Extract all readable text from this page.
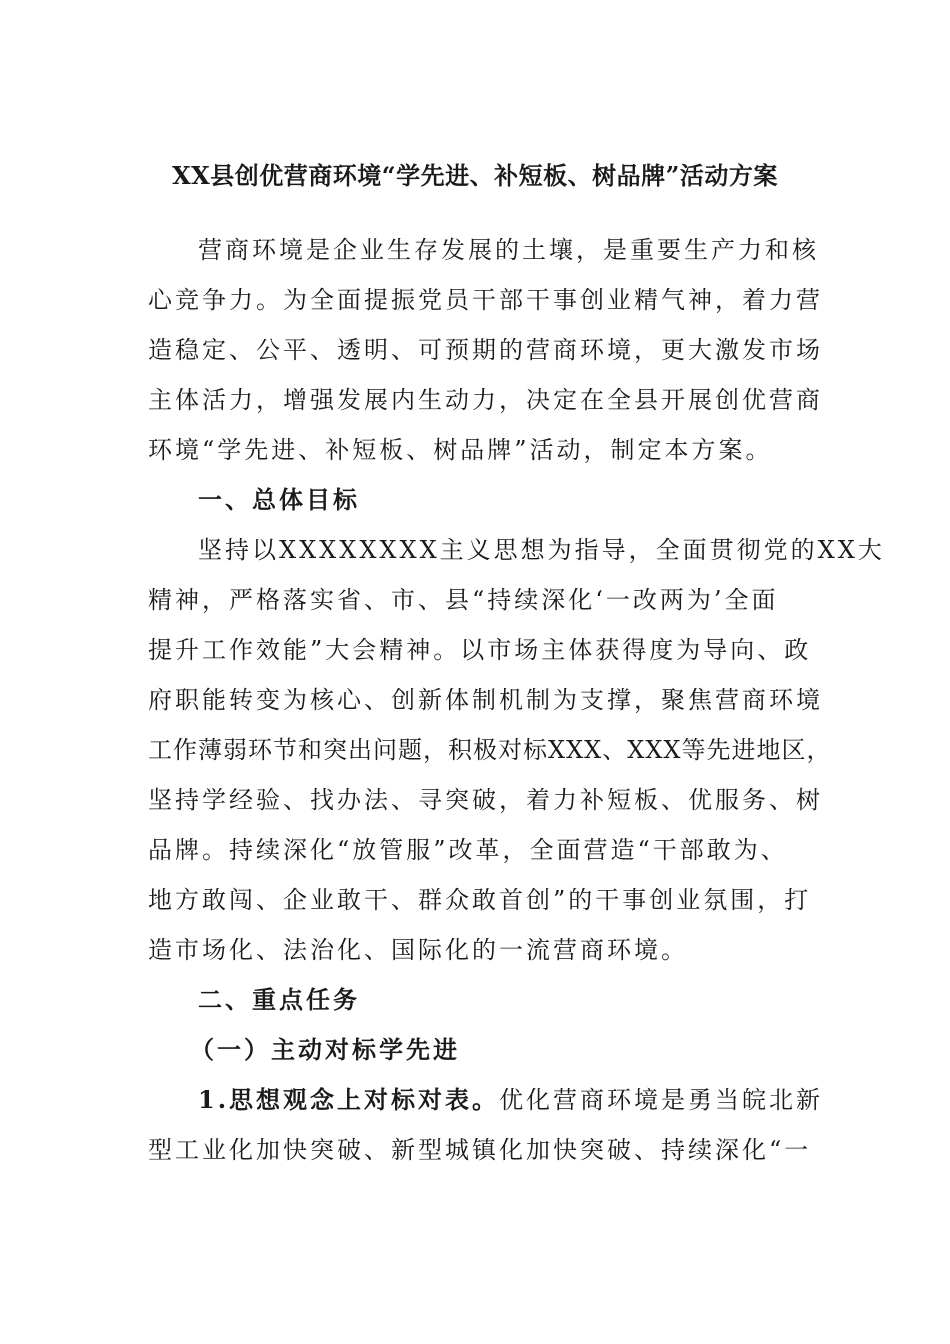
XX县创优营商环境“学先进、补短板、树品牌”活动方案
营商环境是企业生存发展的土壤，是重要生产力和核
心竞争力。为全面提振党员干部干事创业精气神，着力营
造稳定、公平、透明、可预期的营商环境，更大激发市场
主体活力，增强发展内生动力，决定在全县开展创优营商
环境“学先进、补短板、树品牌”活动，制定本方案。
一、总体目标
坚持以XXXXXXXX主义思想为指导，全面贯彻党的XX大
精神，严格落实省、市、县“持续深化‘一改两为’全面
提升工作效能”大会精神。以市场主体获得度为导向、政
府职能转变为核心、创新体制机制为支撑，聚焦营商环境
工作薄弱环节和突出问题，积极对标XXX、XXX等先进地区，
坚持学经验、找办法、寻突破，着力补短板、优服务、树
品牌。持续深化“放管服”改革，全面营造“干部敢为、
地方敢闯、企业敢干、群众敢首创”的干事创业氛围，打
造市场化、法治化、国际化的一流营商环境。
二、重点任务
（一）主动对标学先进
1.思想观念上对标对表。优化营商环境是勇当皖北新
型工业化加快突破、新型城镇化加快突破、持续深化“一
